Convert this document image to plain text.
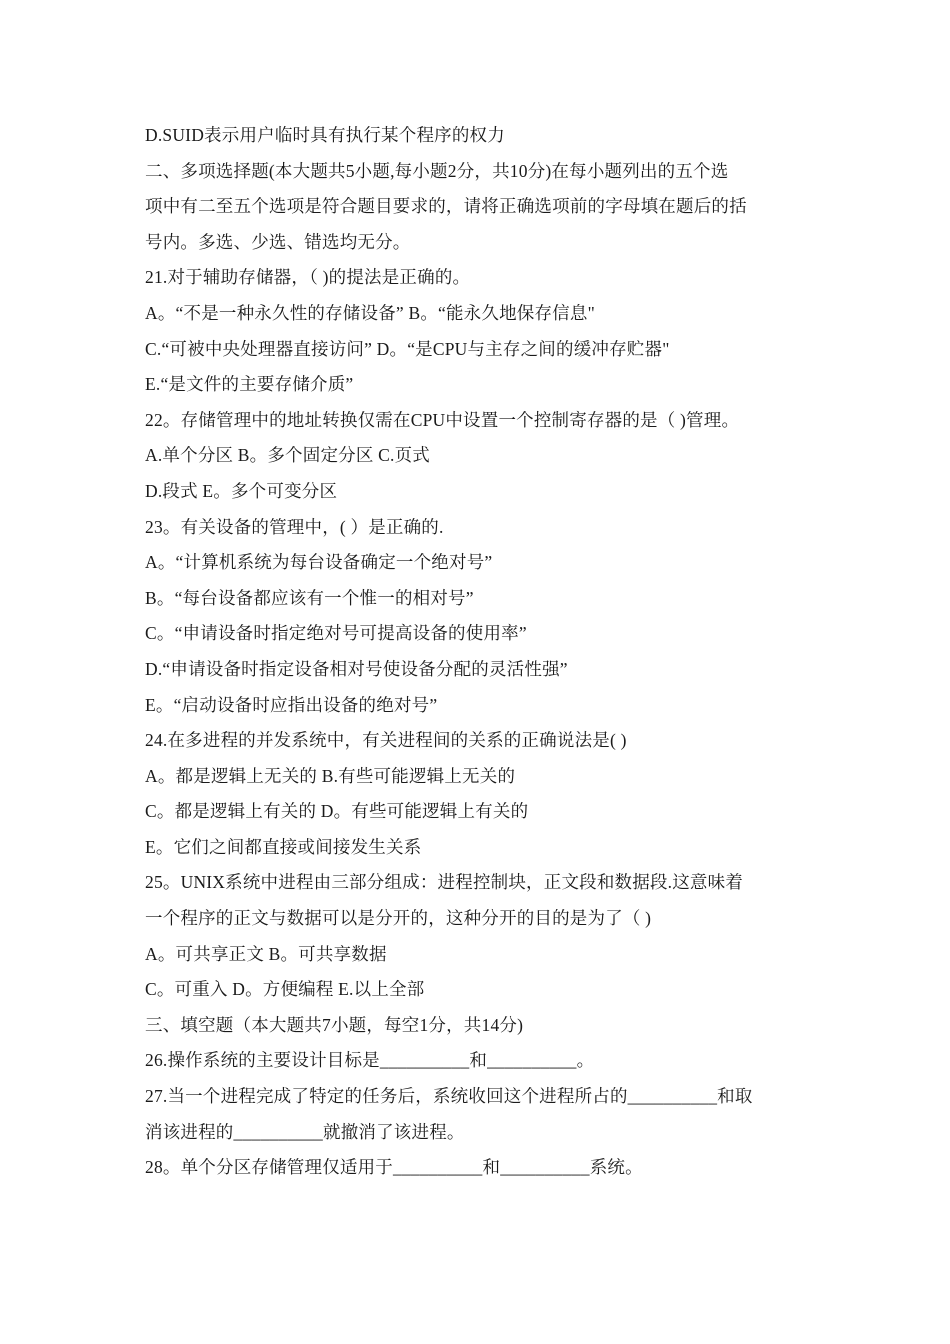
D.SUID表示用户临时具有执行某个程序的权力
二、多项选择题(本大题共5小题,每小题2分，共10分)在每小题列出的五个选
项中有二至五个选项是符合题目要求的，请将正确选项前的字母填在题后的括
号内。多选、少选、错选均无分。
21.对于辅助存储器，（ )的提法是正确的。
A。“不是一种永久性的存储设备” B。“能永久地保存信息"
C.“可被中央处理器直接访问” D。“是CPU与主存之间的缓冲存贮器"
E.“是文件的主要存储介质”
22。存储管理中的地址转换仅需在CPU中设置一个控制寄存器的是（ )管理。
A.单个分区 B。多个固定分区 C.页式
D.段式 E。多个可变分区
23。有关设备的管理中，( ）是正确的.
A。“计算机系统为每台设备确定一个绝对号”
B。“每台设备都应该有一个惟一的相对号”
C。“申请设备时指定绝对号可提高设备的使用率”
D.“申请设备时指定设备相对号使设备分配的灵活性强”
E。“启动设备时应指出设备的绝对号”
24.在多进程的并发系统中，有关进程间的关系的正确说法是( )
A。都是逻辑上无关的 B.有些可能逻辑上无关的
C。都是逻辑上有关的 D。有些可能逻辑上有关的
E。它们之间都直接或间接发生关系
25。UNIX系统中进程由三部分组成：进程控制块，正文段和数据段.这意味着
一个程序的正文与数据可以是分开的，这种分开的目的是为了（ )
A。可共享正文 B。可共享数据
C。可重入 D。方便编程 E.以上全部
三、填空题（本大题共7小题，每空1分，共14分)
26.操作系统的主要设计目标是__________和__________。
27.当一个进程完成了特定的任务后，系统收回这个进程所占的__________和取
消该进程的__________就撤消了该进程。
28。单个分区存储管理仅适用于__________和__________系统。
